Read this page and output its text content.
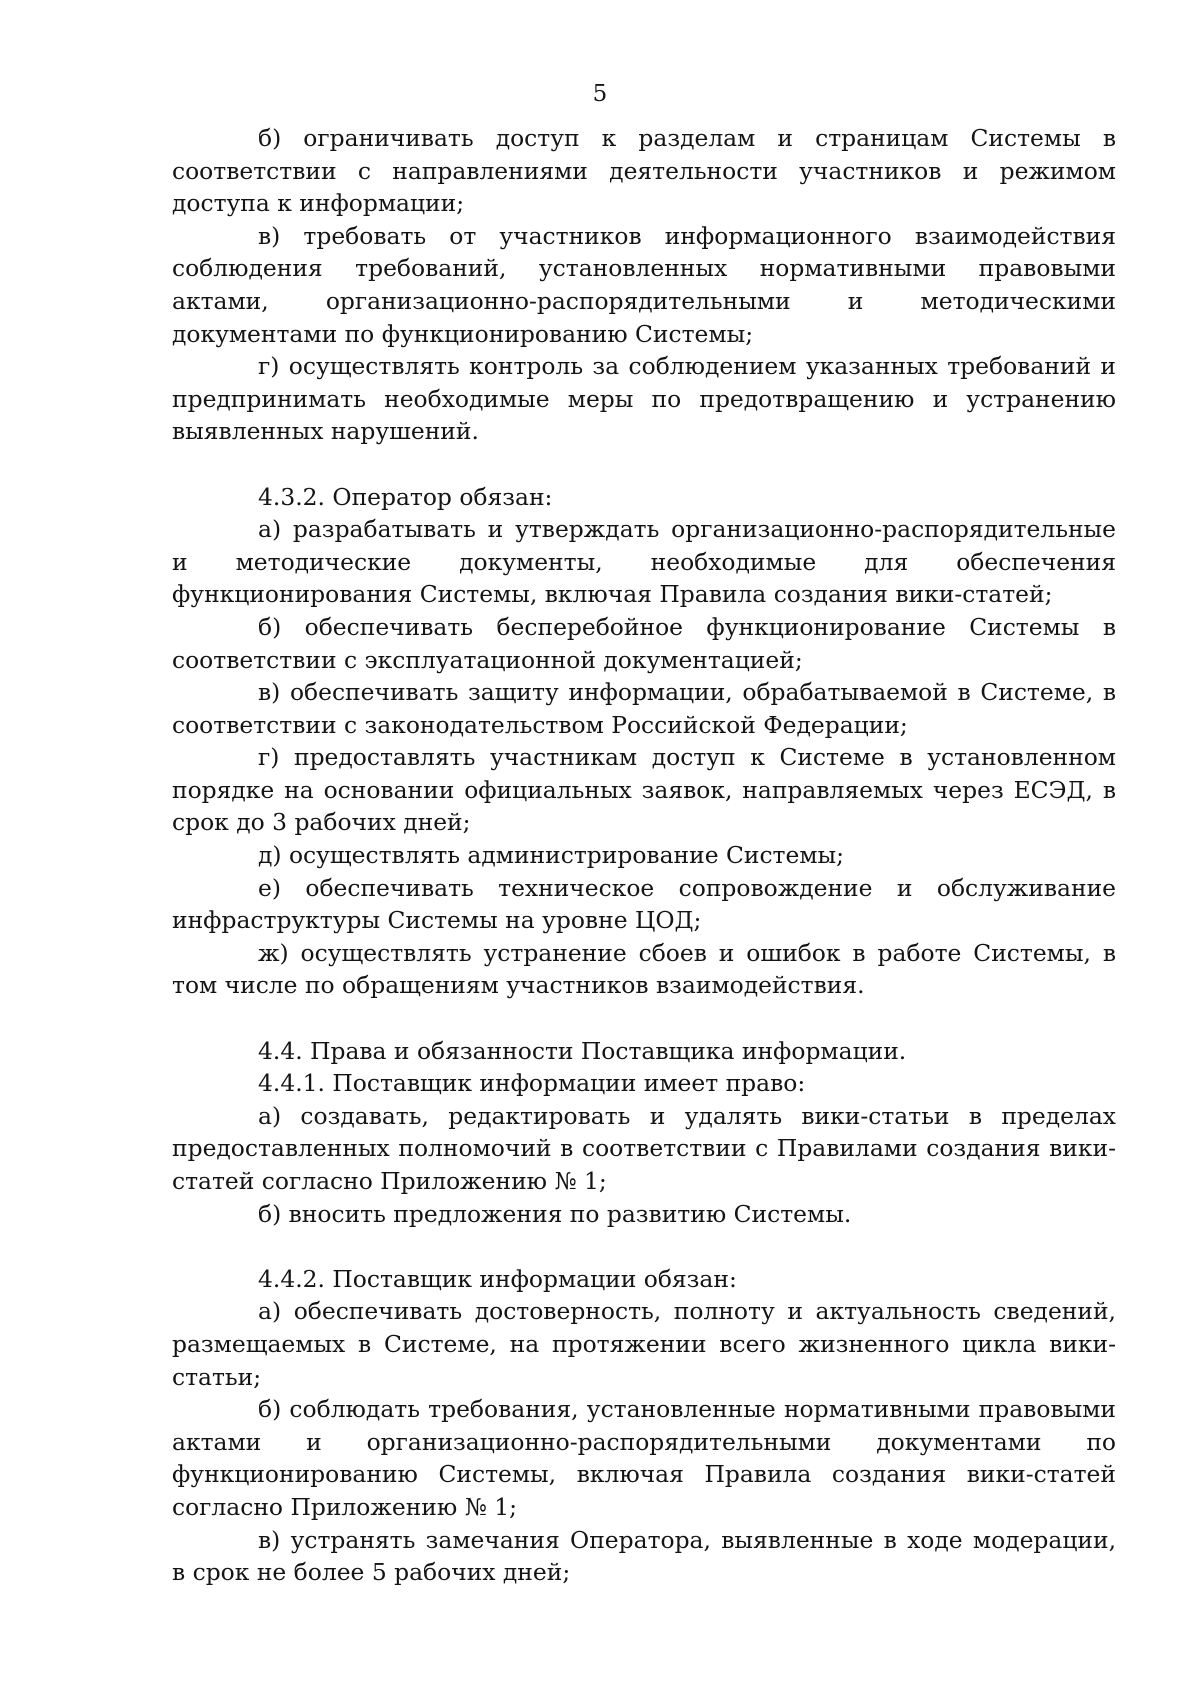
5

б) ограничивать доступ к разделам и страницам Системы в соответствии с направлениями деятельности участников и режимом доступа к информации;

в) требовать от участников информационного взаимодействия соблюдения требований, установленных нормативными правовыми актами, организационно-распорядительными и методическими документами по функционированию Системы;

г) осуществлять контроль за соблюдением указанных требований и предпринимать необходимые меры по предотвращению и устранению выявленных нарушений.

4.3.2. Оператор обязан:

а) разрабатывать и утверждать организационно-распорядительные и методические документы, необходимые для обеспечения функционирования Системы, включая Правила создания вики-статей;

б) обеспечивать бесперебойное функционирование Системы в соответствии с эксплуатационной документацией;

в) обеспечивать защиту информации, обрабатываемой в Системе, в соответствии с законодательством Российской Федерации;

г) предоставлять участникам доступ к Системе в установленном порядке на основании официальных заявок, направляемых через ЕСЭД, в срок до 3 рабочих дней;

д) осуществлять администрирование Системы;

е) обеспечивать техническое сопровождение и обслуживание инфраструктуры Системы на уровне ЦОД;

ж) осуществлять устранение сбоев и ошибок в работе Системы, в том числе по обращениям участников взаимодействия.

4.4. Права и обязанности Поставщика информации.

4.4.1. Поставщик информации имеет право:

а) создавать, редактировать и удалять вики-статьи в пределах предоставленных полномочий в соответствии с Правилами создания вики-статей согласно Приложению № 1;

б) вносить предложения по развитию Системы.

4.4.2. Поставщик информации обязан:

а) обеспечивать достоверность, полноту и актуальность сведений, размещаемых в Системе, на протяжении всего жизненного цикла вики-статьи;

б) соблюдать требования, установленные нормативными правовыми актами и организационно-распорядительными документами по функционированию Системы, включая Правила создания вики-статей согласно Приложению № 1;

в) устранять замечания Оператора, выявленные в ходе модерации, в срок не более 5 рабочих дней;
